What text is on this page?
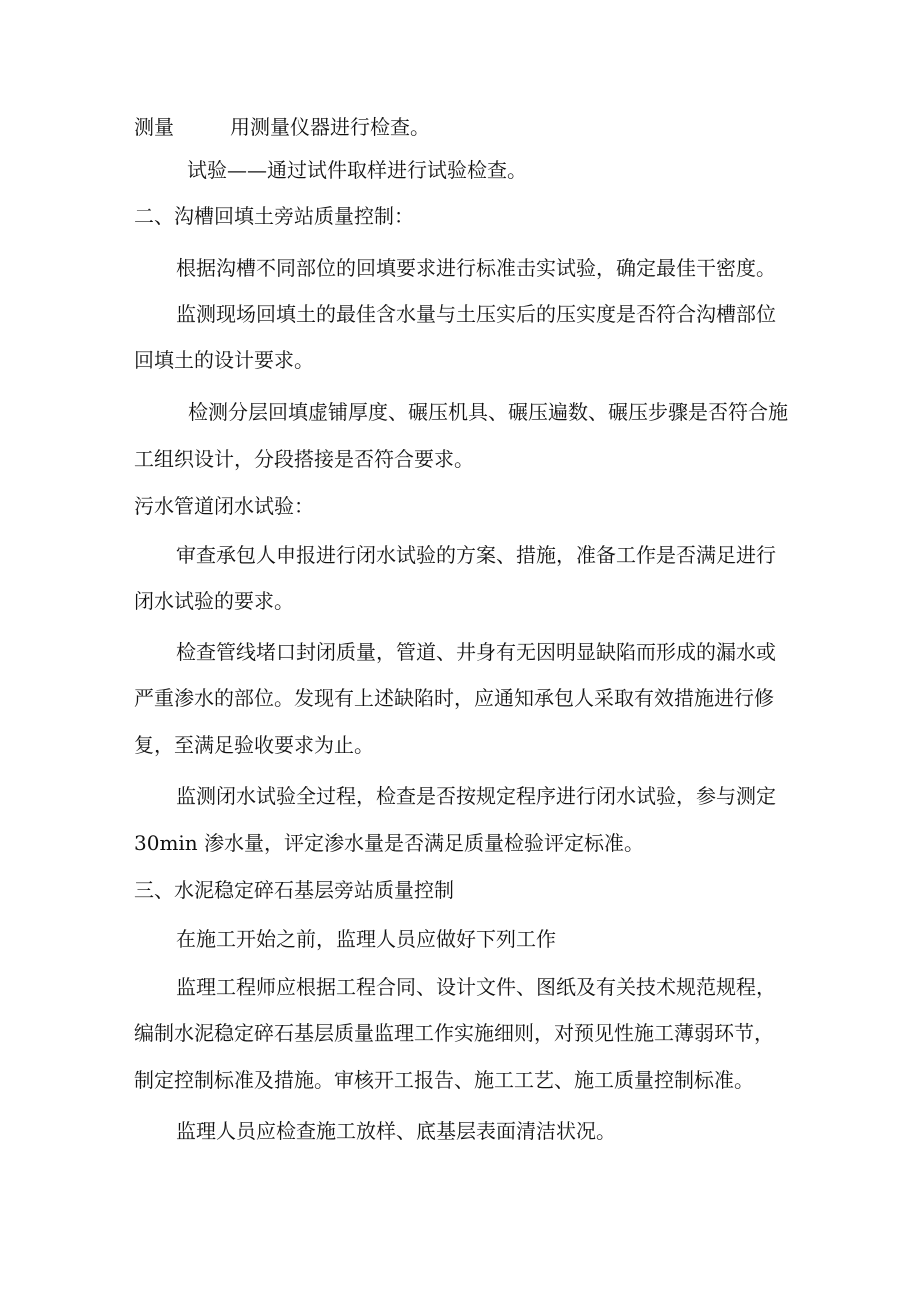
测量	用测量仪器进行检查。
试验——通过试件取样进行试验检查。
二、沟槽回填土旁站质量控制：
根据沟槽不同部位的回填要求进行标准击实试验，确定最佳干密度。
监测现场回填土的最佳含水量与土压实后的压实度是否符合沟槽部位
回填土的设计要求。
检测分层回填虚铺厚度、碾压机具、碾压遍数、碾压步骤是否符合施
工组织设计，分段搭接是否符合要求。
污水管道闭水试验：
审查承包人申报进行闭水试验的方案、措施，准备工作是否满足进行
闭水试验的要求。
检查管线堵口封闭质量，管道、井身有无因明显缺陷而形成的漏水或
严重渗水的部位。发现有上述缺陷时，应通知承包人采取有效措施进行修
复，至满足验收要求为止。
监测闭水试验全过程，检查是否按规定程序进行闭水试验，参与测定
30min 渗水量，评定渗水量是否满足质量检验评定标准。
三、水泥稳定碎石基层旁站质量控制
在施工开始之前，监理人员应做好下列工作
监理工程师应根据工程合同、设计文件、图纸及有关技术规范规程，
编制水泥稳定碎石基层质量监理工作实施细则，对预见性施工薄弱环节，
制定控制标准及措施。审核开工报告、施工工艺、施工质量控制标准。
监理人员应检查施工放样、底基层表面清洁状况。
